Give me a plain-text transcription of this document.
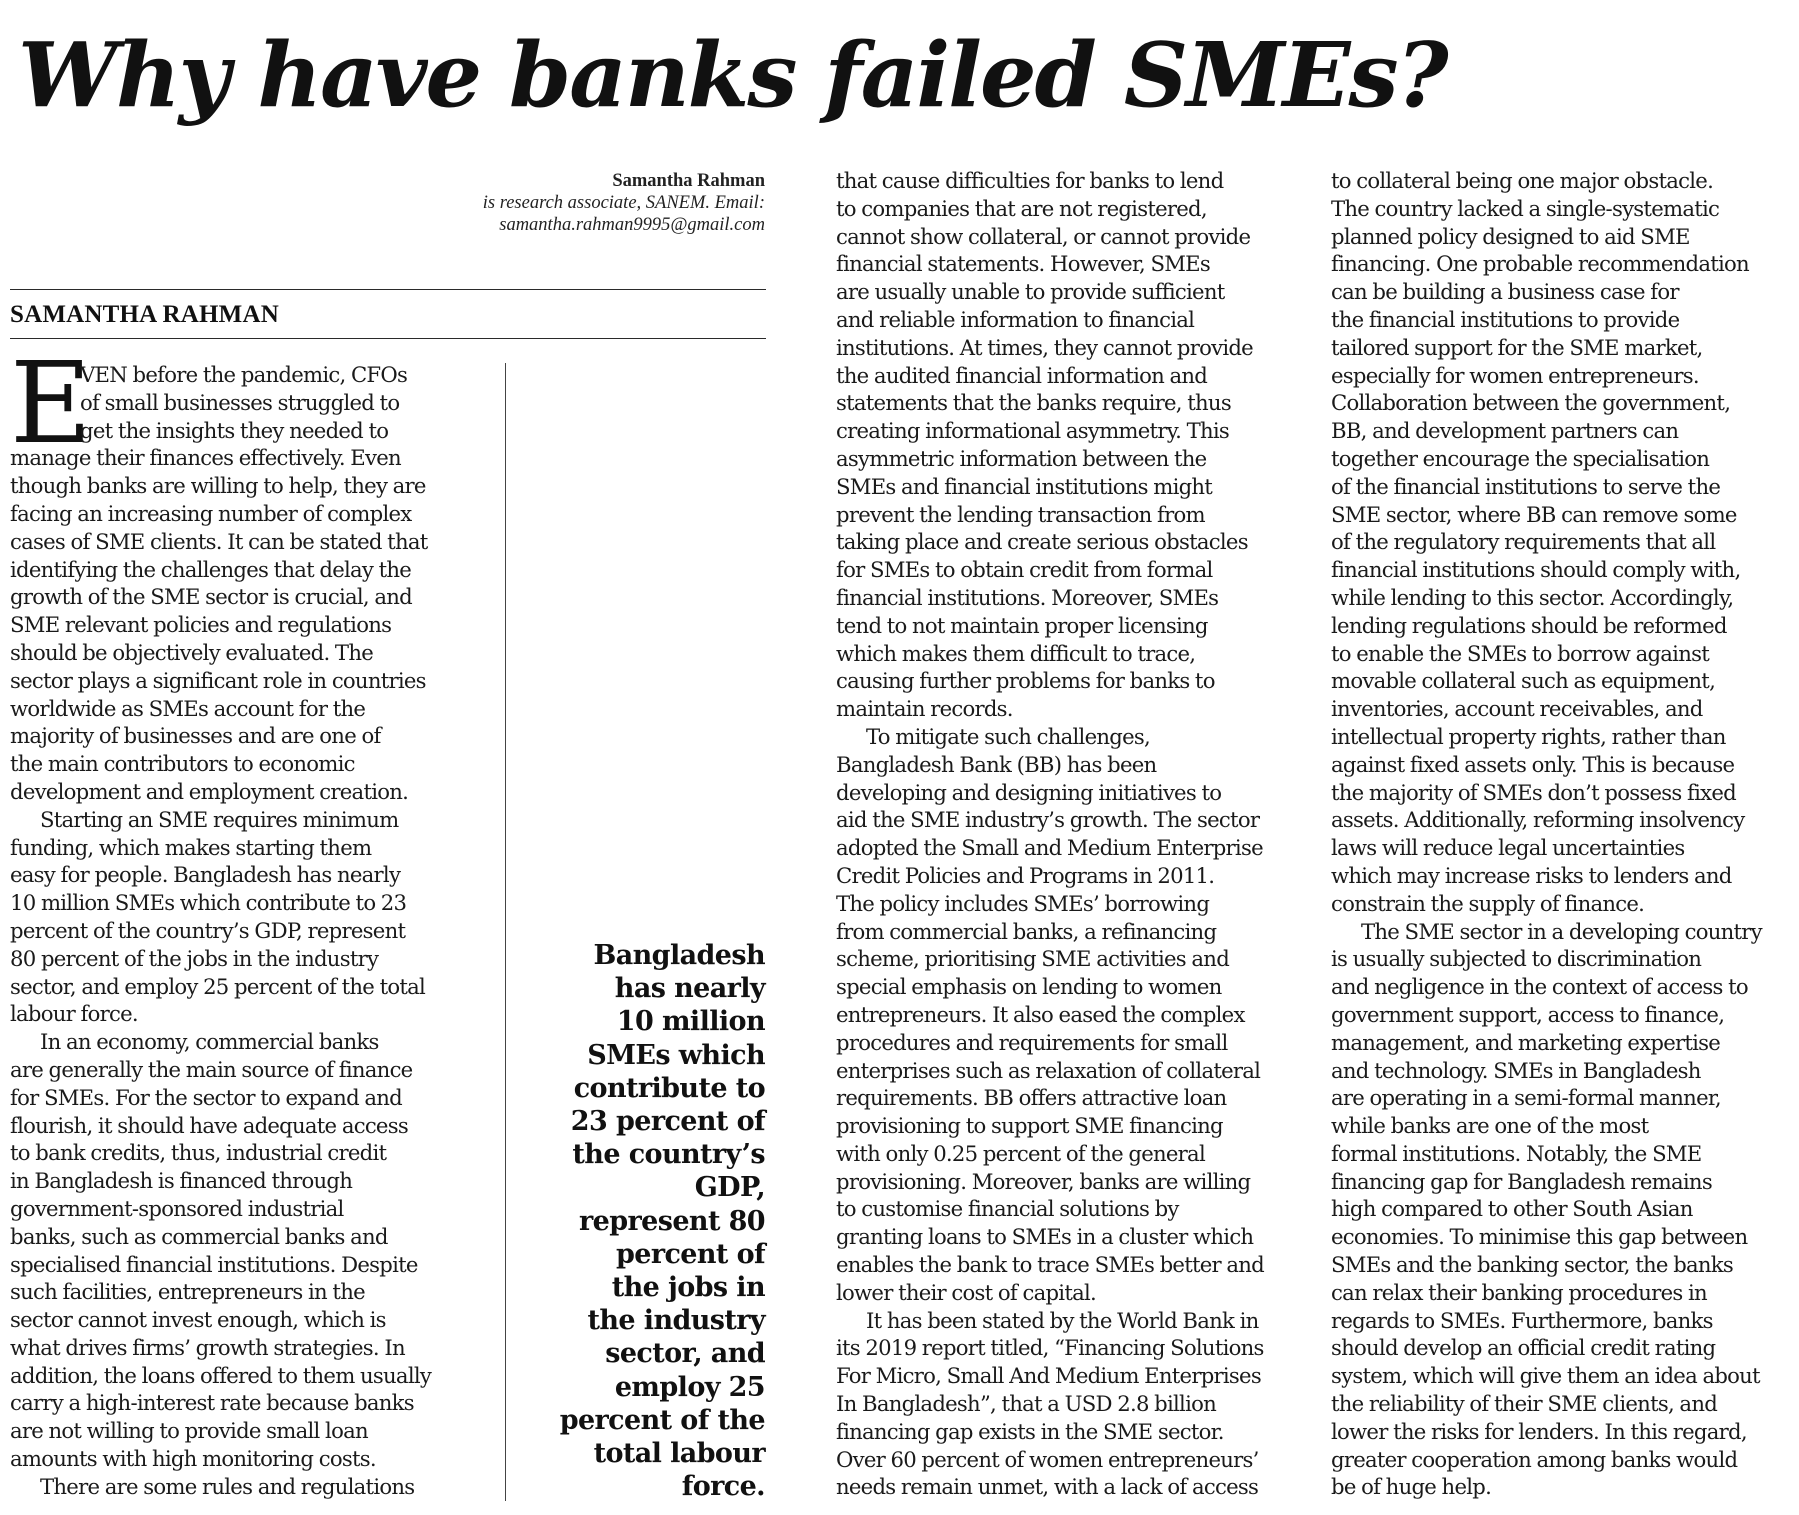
Why have banks failed SMEs?
Samantha Rahman
is research associate, SANEM. Email:
samantha.rahman9995@gmail.com

SAMANTHA RAHMAN

E

VEN before the pandemic, CFOs
of small businesses struggled to
get the insights they needed to
manage their finances effectively. Even
though banks are willing to help, they are
facing an increasing number of complex
cases of SME clients. It can be stated that
identifying the challenges that delay the
growth of the SME sector is crucial, and
SME relevant policies and regulations
should be objectively evaluated. The
sector plays a significant role in countries
worldwide as SMEs account for the
majority of businesses and are one of
the main contributors to economic
development and employment creation.
Starting an SME requires minimum
funding, which makes starting them
easy for people. Bangladesh has nearly
10 million SMEs which contribute to 23
percent of the country’s GDP, represent
80 percent of the jobs in the industry
sector, and employ 25 percent of the total
labour force.
In an economy, commercial banks
are generally the main source of finance
for SMEs. For the sector to expand and
flourish, it should have adequate access
to bank credits, thus, industrial credit
in Bangladesh is financed through
government-sponsored industrial
banks, such as commercial banks and
specialised financial institutions. Despite
such facilities, entrepreneurs in the
sector cannot invest enough, which is
what drives firms’ growth strategies. In
addition, the loans offered to them usually
carry a high-interest rate because banks
are not willing to provide small loan
amounts with high monitoring costs.
There are some rules and regulations
Bangladesh
has nearly
10 million
SMEs which
contribute to
23 percent of
the country’s
GDP,
represent 80
percent of
the jobs in
the industry
sector, and
employ 25
percent of the
total labour
force.
that cause difficulties for banks to lend
to companies that are not registered,
cannot show collateral, or cannot provide
financial statements. However, SMEs
are usually unable to provide sufficient
and reliable information to financial
institutions. At times, they cannot provide
the audited financial information and
statements that the banks require, thus
creating informational asymmetry. This
asymmetric information between the
SMEs and financial institutions might
prevent the lending transaction from
taking place and create serious obstacles
for SMEs to obtain credit from formal
financial institutions. Moreover, SMEs
tend to not maintain proper licensing
which makes them difficult to trace,
causing further problems for banks to
maintain records.
To mitigate such challenges,
Bangladesh Bank (BB) has been
developing and designing initiatives to
aid the SME industry’s growth. The sector
adopted the Small and Medium Enterprise
Credit Policies and Programs in 2011.
The policy includes SMEs’ borrowing
from commercial banks, a refinancing
scheme, prioritising SME activities and
special emphasis on lending to women
entrepreneurs. It also eased the complex
procedures and requirements for small
enterprises such as relaxation of collateral
requirements. BB offers attractive loan
provisioning to support SME financing
with only 0.25 percent of the general
provisioning. Moreover, banks are willing
to customise financial solutions by
granting loans to SMEs in a cluster which
enables the bank to trace SMEs better and
lower their cost of capital.
It has been stated by the World Bank in
its 2019 report titled, “Financing Solutions
For Micro, Small And Medium Enterprises
In Bangladesh”, that a USD 2.8 billion
financing gap exists in the SME sector.
Over 60 percent of women entrepreneurs’
needs remain unmet, with a lack of access
to collateral being one major obstacle.
The country lacked a single-systematic
planned policy designed to aid SME
financing. One probable recommendation
can be building a business case for
the financial institutions to provide
tailored support for the SME market,
especially for women entrepreneurs.
Collaboration between the government,
BB, and development partners can
together encourage the specialisation
of the financial institutions to serve the
SME sector, where BB can remove some
of the regulatory requirements that all
financial institutions should comply with,
while lending to this sector. Accordingly,
lending regulations should be reformed
to enable the SMEs to borrow against
movable collateral such as equipment,
inventories, account receivables, and
intellectual property rights, rather than
against fixed assets only. This is because
the majority of SMEs don’t possess fixed
assets. Additionally, reforming insolvency
laws will reduce legal uncertainties
which may increase risks to lenders and
constrain the supply of finance.
The SME sector in a developing country
is usually subjected to discrimination
and negligence in the context of access to
government support, access to finance,
management, and marketing expertise
and technology. SMEs in Bangladesh
are operating in a semi-formal manner,
while banks are one of the most
formal institutions. Notably, the SME
financing gap for Bangladesh remains
high compared to other South Asian
economies. To minimise this gap between
SMEs and the banking sector, the banks
can relax their banking procedures in
regards to SMEs. Furthermore, banks
should develop an official credit rating
system, which will give them an idea about
the reliability of their SME clients, and
lower the risks for lenders. In this regard,
greater cooperation among banks would
be of huge help.
